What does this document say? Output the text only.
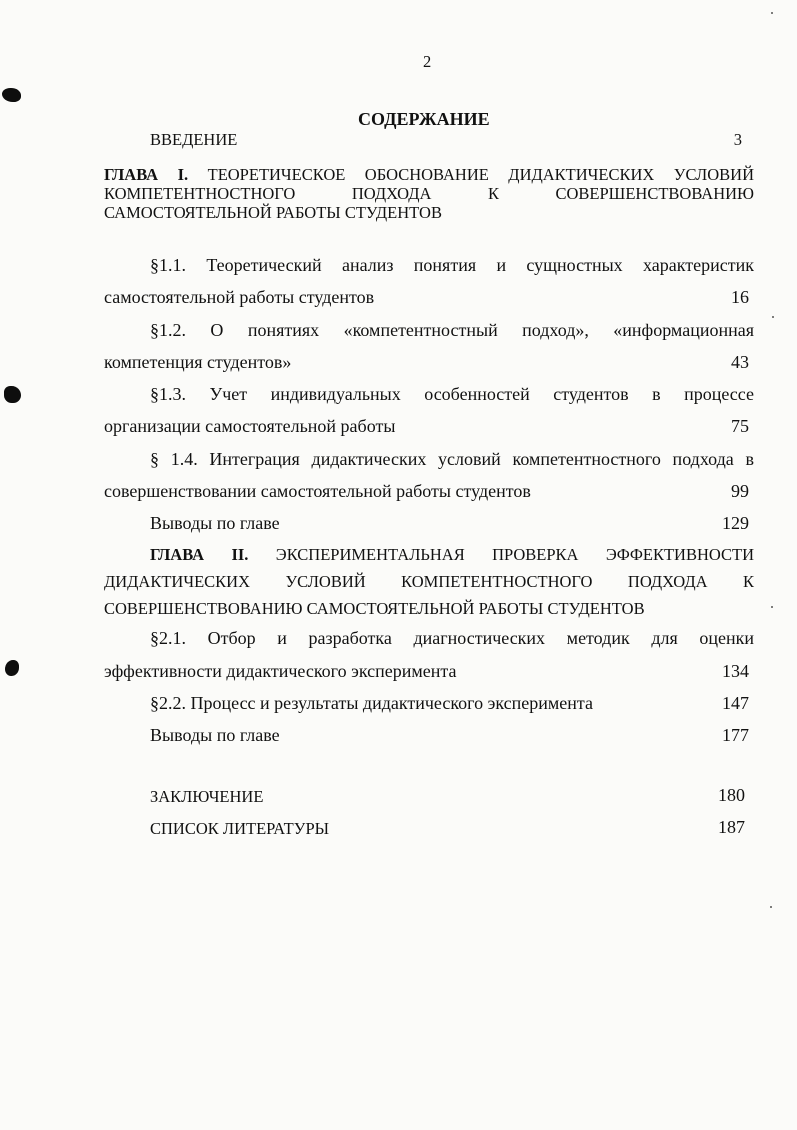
2
СОДЕРЖАНИЕ
ВВЕДЕНИЕ	3
ГЛАВА I. ТЕОРЕТИЧЕСКОЕ ОБОСНОВАНИЕ ДИДАКТИЧЕСКИХ УСЛОВИЙ
КОМПЕТЕНТНОСТНОГО ПОДХОДА К СОВЕРШЕНСТВОВАНИЮ
САМОСТОЯТЕЛЬНОЙ РАБОТЫ СТУДЕНТОВ
§1.1. Теоретический анализ понятия и сущностных характеристик
самостоятельной работы студентов	16
§1.2. О понятиях «компетентностный подход», «информационная
компетенция студентов»	43
§1.3. Учет индивидуальных особенностей студентов в процессе
организации самостоятельной работы	75
§ 1.4. Интеграция дидактических условий компетентностного подхода в
совершенствовании самостоятельной работы студентов	99
Выводы по главе	129
ГЛАВА II. ЭКСПЕРИМЕНТАЛЬНАЯ ПРОВЕРКА ЭФФЕКТИВНОСТИ
ДИДАКТИЧЕСКИХ УСЛОВИЙ КОМПЕТЕНТНОСТНОГО ПОДХОДА К
СОВЕРШЕНСТВОВАНИЮ САМОСТОЯТЕЛЬНОЙ РАБОТЫ СТУДЕНТОВ
§2.1. Отбор и разработка диагностических методик для оценки
эффективности дидактического эксперимента	134
§2.2. Процесс и результаты дидактического эксперимента	147
Выводы по главе	177
ЗАКЛЮЧЕНИЕ	180
СПИСОК ЛИТЕРАТУРЫ	187
